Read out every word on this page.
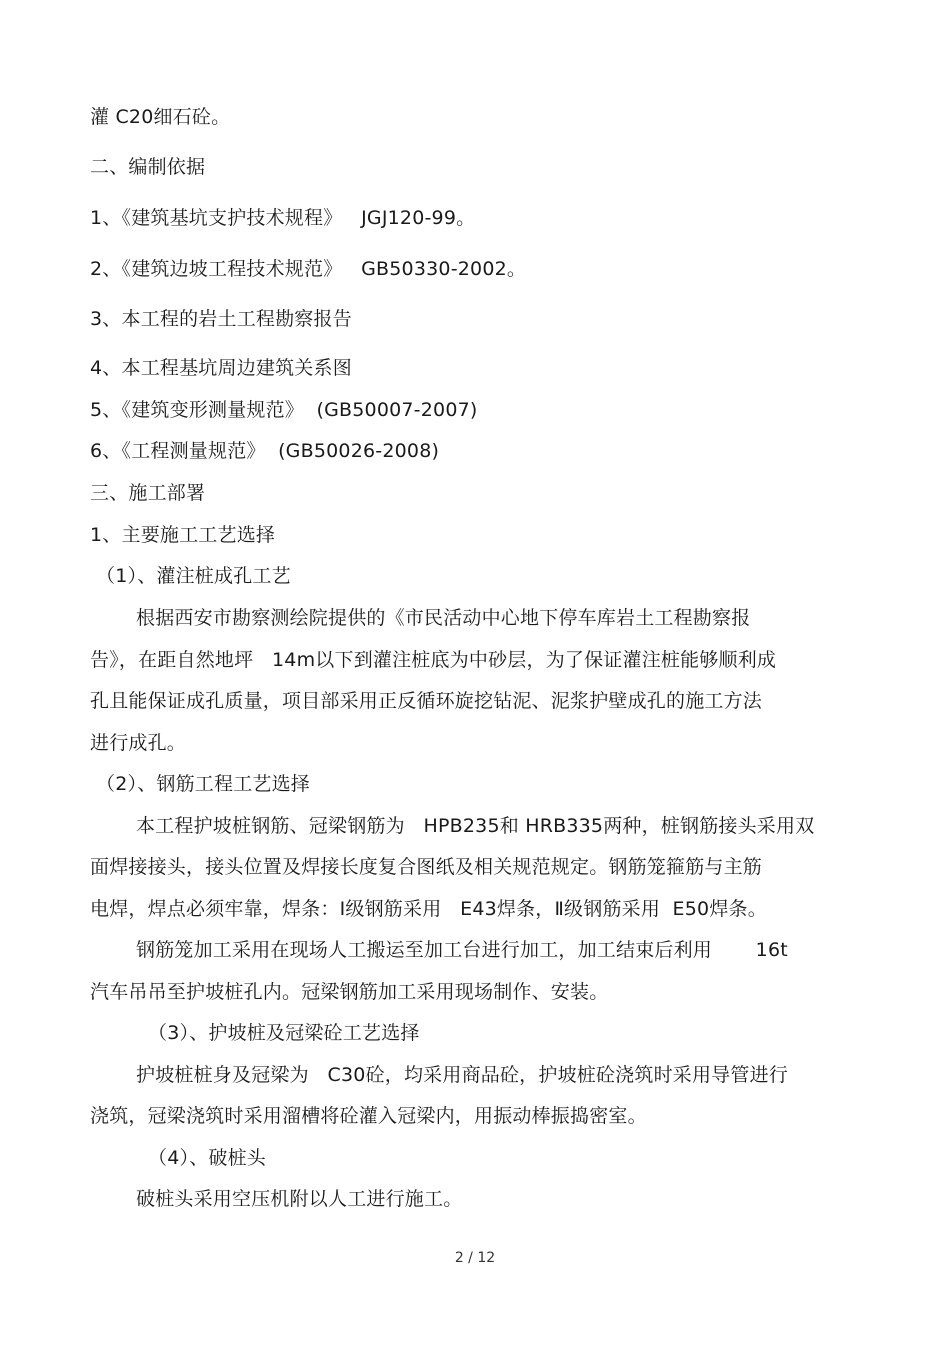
灌 C20细石砼。
二、编制依据
1、《建筑基坑支护技术规程》   JGJ120-99。
2、《建筑边坡工程技术规范》   GB50330-2002。
3、本工程的岩土工程勘察报告
4、本工程基坑周边建筑关系图
5、《建筑变形测量规范》  (GB50007-2007)
6、《工程测量规范》  (GB50026-2008)
三、施工部署
1、主要施工工艺选择
（1）、灌注桩成孔工艺
根据西安市勘察测绘院提供的《市民活动中心地下停车库岩土工程勘察报
告》，在距自然地坪   14m以下到灌注桩底为中砂层，为了保证灌注桩能够顺利成
孔且能保证成孔质量，项目部采用正反循环旋挖钻泥、泥浆护壁成孔的施工方法
进行成孔。
（2）、钢筋工程工艺选择
本工程护坡桩钢筋、冠梁钢筋为   HPB235和 HRB335两种，桩钢筋接头采用双
面焊接接头，接头位置及焊接长度复合图纸及相关规范规定。钢筋笼箍筋与主筋
电焊，焊点必须牢靠，焊条：Ⅰ级钢筋采用   E43焊条，Ⅱ级钢筋采用  E50焊条。
钢筋笼加工采用在现场人工搬运至加工台进行加工，加工结束后利用       16t
汽车吊吊至护坡桩孔内。冠梁钢筋加工采用现场制作、安装。
（3）、护坡桩及冠梁砼工艺选择
护坡桩桩身及冠梁为   C30砼，均采用商品砼，护坡桩砼浇筑时采用导管进行
浇筑，冠梁浇筑时采用溜槽将砼灌入冠梁内，用振动棒振捣密室。
（4）、破桩头
破桩头采用空压机附以人工进行施工。
2 / 12
